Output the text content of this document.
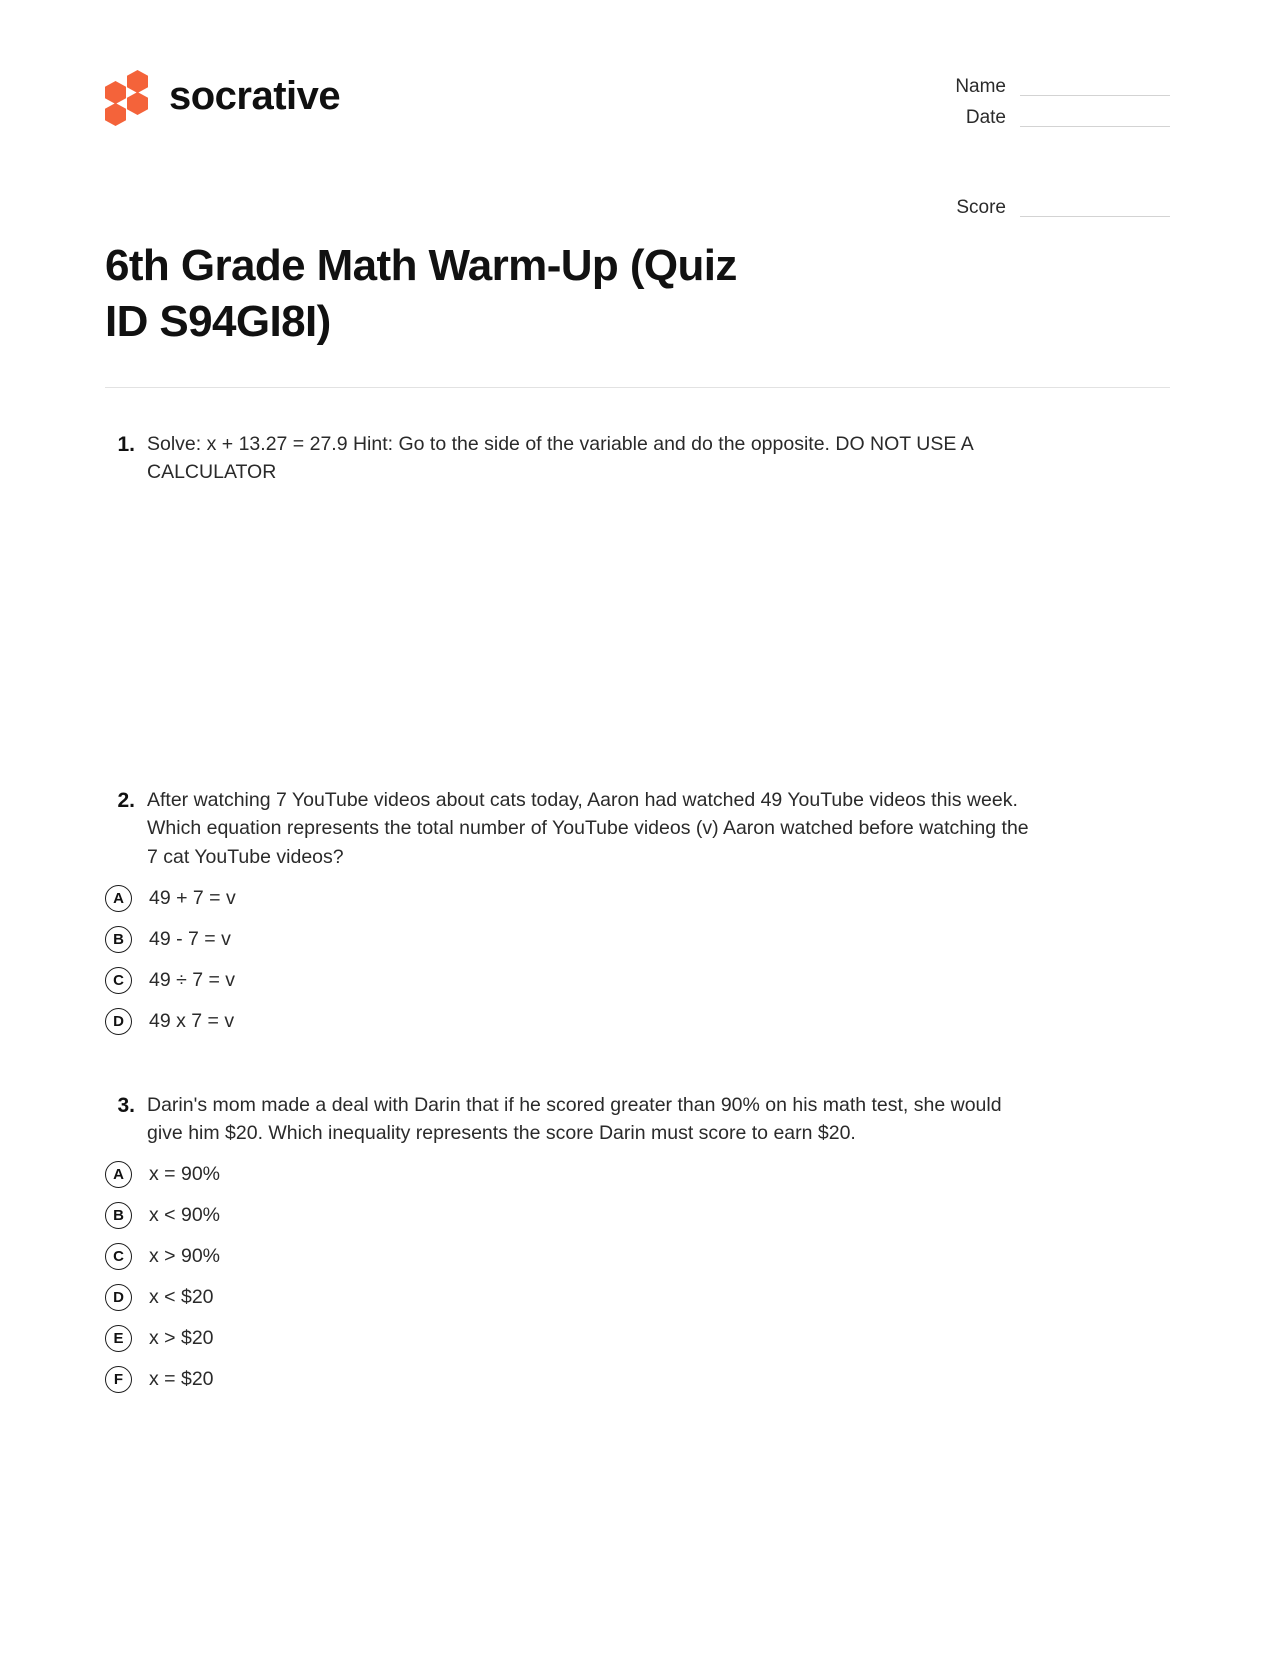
socrative	Name
Date
Score
6th Grade Math Warm-Up (Quiz ID S94GI8I)
1. Solve: x + 13.27 = 27.9 Hint: Go to the side of the variable and do the opposite. DO NOT USE A CALCULATOR
2. After watching 7 YouTube videos about cats today, Aaron had watched 49 YouTube videos this week. Which equation represents the total number of YouTube videos (v) Aaron watched before watching the 7 cat YouTube videos?
A	49 + 7 = v
B	49 - 7 = v
C	49 ÷ 7 = v
D	49 x 7 = v
3. Darin's mom made a deal with Darin that if he scored greater than 90% on his math test, she would give him $20. Which inequality represents the score Darin must score to earn $20.
A	x = 90%
B	x < 90%
C	x > 90%
D	x < $20
E	x > $20
F	x = $20
